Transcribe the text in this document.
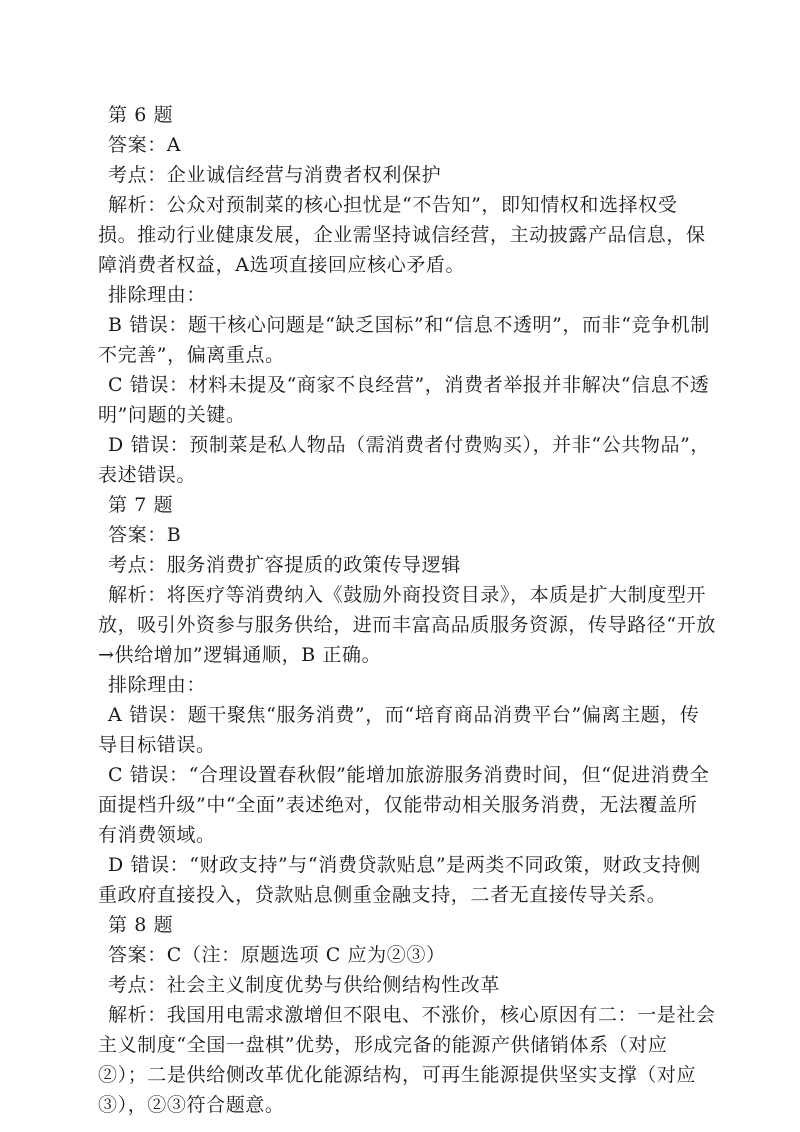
第 6 题

答案：A

考点：企业诚信经营与消费者权利保护

解析：公众对预制菜的核心担忧是“不告知”，即知情权和选择权受损。推动行业健康发展，企业需坚持诚信经营，主动披露产品信息，保障消费者权益，A选项直接回应核心矛盾。

排除理由：

B 错误：题干核心问题是“缺乏国标”和“信息不透明”，而非“竞争机制不完善”，偏离重点。

C 错误：材料未提及“商家不良经营”，消费者举报并非解决“信息不透明”问题的关键。

D 错误：预制菜是私人物品（需消费者付费购买），并非“公共物品”，表述错误。

第 7 题

答案：B

考点：服务消费扩容提质的政策传导逻辑

解析：将医疗等消费纳入《鼓励外商投资目录》，本质是扩大制度型开放，吸引外资参与服务供给，进而丰富高品质服务资源，传导路径“开放→供给增加”逻辑通顺，B 正确。

排除理由：

A 错误：题干聚焦“服务消费”，而“培育商品消费平台”偏离主题，传导目标错误。

C 错误：“合理设置春秋假”能增加旅游服务消费时间，但“促进消费全面提档升级”中“全面”表述绝对，仅能带动相关服务消费，无法覆盖所有消费领域。

D 错误：“财政支持”与“消费贷款贴息”是两类不同政策，财政支持侧重政府直接投入，贷款贴息侧重金融支持，二者无直接传导关系。

第 8 题

答案：C（注：原题选项 C 应为②③）

考点：社会主义制度优势与供给侧结构性改革

解析：我国用电需求激增但不限电、不涨价，核心原因有二：一是社会主义制度“全国一盘棋”优势，形成完备的能源产供储销体系（对应②）；二是供给侧改革优化能源结构，可再生能源提供坚实支撑（对应③），②③符合题意。
